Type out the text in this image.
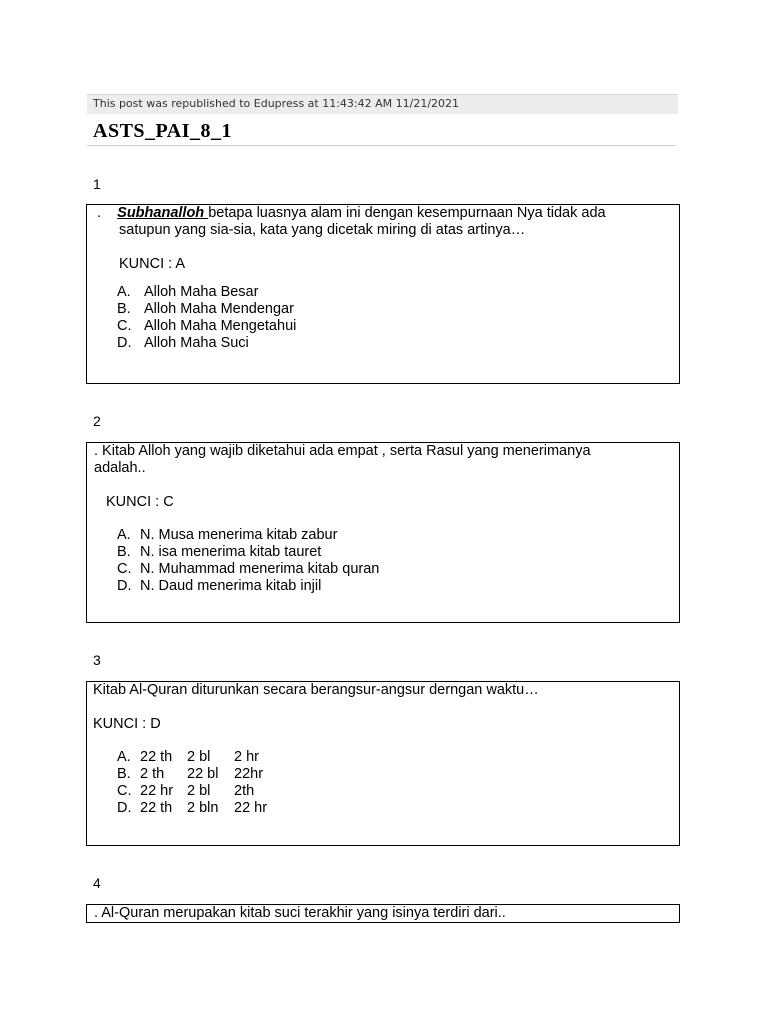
This post was republished to Edupress at 11:43:42 AM 11/21/2021
ASTS_PAI_8_1
1
. Subhanalloh betapa luasnya alam ini dengan kesempurnaan Nya tidak ada
satupun yang sia-sia, kata yang dicetak miring di atas artinya…
KUNCI : A
A. Alloh Maha Besar
B. Alloh Maha Mendengar
C. Alloh Maha Mengetahui
D. Alloh Maha Suci
2
. Kitab Alloh yang wajib diketahui ada empat , serta Rasul yang menerimanya
adalah..
KUNCI : C
A. N. Musa menerima kitab zabur
B. N. isa menerima kitab tauret
C. N. Muhammad menerima kitab quran
D. N. Daud menerima kitab injil
3
Kitab Al-Quran diturunkan secara berangsur-angsur derngan waktu…
KUNCI : D
A. 22 th 2 bl 2 hr
B. 2 th 22 bl 22hr
C. 22 hr 2 bl 2th
D. 22 th 2 bln 22 hr
4
. Al-Quran merupakan kitab suci terakhir yang isinya terdiri dari..
